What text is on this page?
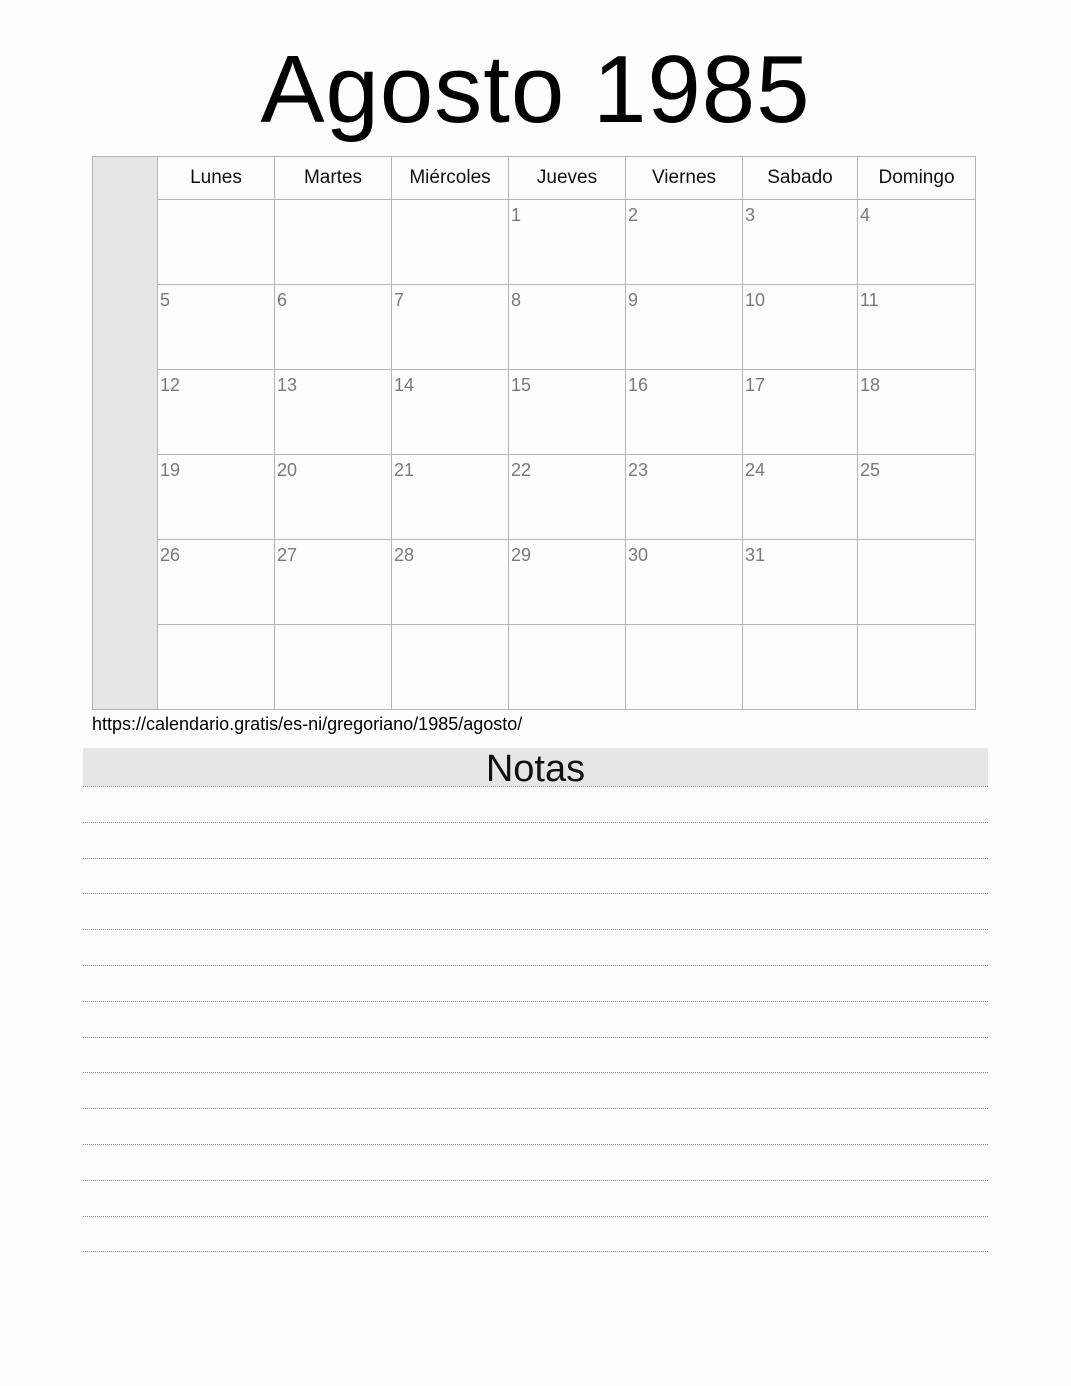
Agosto 1985
	Lunes	Martes	Miércoles	Jueves	Viernes	Sabado	Domingo

				1	2	3	4

	5	6	7	8	9	10	11

	12	13	14	15	16	17	18

	19	20	21	22	23	24	25

	26	27	28	29	30	31	

https://calendario.gratis/es-ni/gregoriano/1985/agosto/
Notas
